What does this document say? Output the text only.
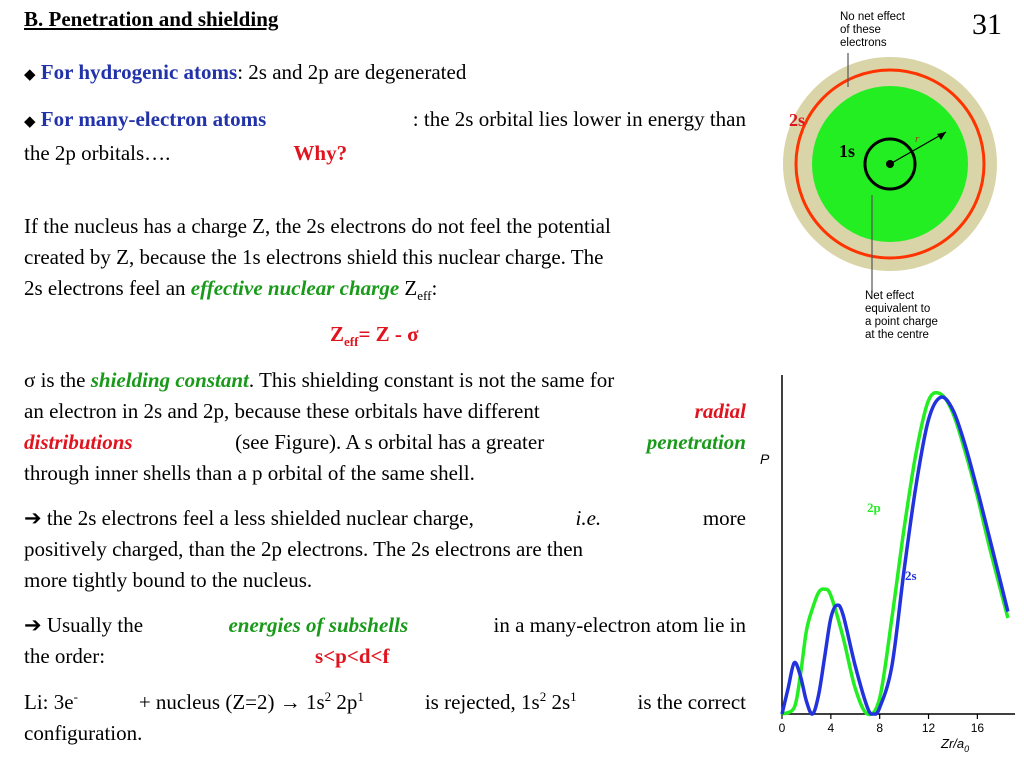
B. Penetration and shielding	31
◆ For hydrogenic atoms: 2s and 2p are degenerated
◆ For many-electron atoms	: the 2s orbital lies lower in energy than
the 2p orbitals….	Why?
If the nucleus has a charge Z, the 2s electrons do not feel the potential
created by Z, because the 1s electrons shield this nuclear charge. The
2s electrons feel an effective nuclear charge $Z_{eff}$:
$Z_{eff}= Z - \sigma$
σ is the
shielding constant . This shielding constant is not the same for
an electron in 2s and 2p, because these orbitals have different	radial
distributions	(see Figure). A s orbital has a greater	penetration
through inner shells than a p orbital of the same shell.
➔ the 2s electrons feel a less shielded nuclear charge,	i.e.	more
positively charged, than the 2p electrons. The 2s electrons are then
more tightly bound to the nucleus.
➔ Usually the	energies of subshells	in a many-electron atom lie in
the order:	s<p<d<f
Li: 3e-	+ nucleus $(Z=2) \to 1s^2$ $2p^1$	is rejected, $1s^2$ $2s^1$	is the correct
configuration.
r
2s
1s
No net effect
of these
electrons
Net effect
equivalent to
a point charge
at the centre
P
2p
2s
$Zr/a_0$
0	4	8	12	16
